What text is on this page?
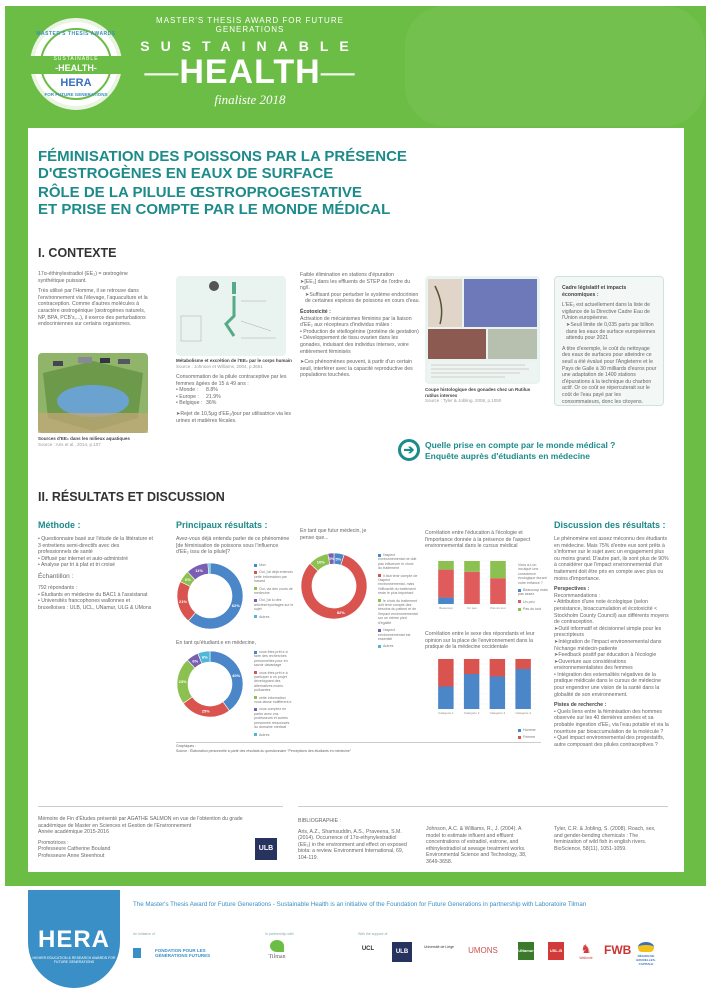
MASTER'S THESIS AWARDS
SUSTAINABLE
-HEALTH-
HERA
FOR FUTURE GENERATIONS
MASTER'S THESIS AWARD FOR FUTURE GENERATIONS
SUSTAINABLE
—HEALTH—
finaliste 2018
FÉMINISATION DES POISSONS PAR LA PRÉSENCE
D'ŒSTROGÈNES EN EAUX DE SURFACE
RÔLE DE LA PILULE ŒSTROPROGESTATIVE
ET PRISE EN COMPTE PAR LE MONDE MÉDICAL
I. CONTEXTE

17α-éthinylestradiol (EE₂) = œstrogène synthétique puissant.

Très utilisé par l'Homme, il se retrouve dans l'environnement via l'élevage, l'aquaculture et la contraception. Comme d'autres molécules à caractère œstrogénique (œstrogènes naturels, NP, BPA, PCB's,...), il exerce des perturbations endocriniennes sur certains organismes.

Sources d'EE₂ dans les milieux aquatiques
Source : Aris et al., 2014, p.107
Métabolisme et excrétion de l'EE₂ par le corps humain
Source : Johnson et Williams, 2004, p.3651

Consommation de la pilule contraceptive par les femmes âgées de 15 à 49 ans :

• Monde : 8.8%
• Europe : 21.9%
• Belgique : 36%

➤Rejet de 10,5μg d'EE₂/jour par utilisatrice via les urines et matières fécales.

Faible élimination en stations d'épuration

➤[EE₂] dans les effluents de STEP de l'ordre du ng/l.

➤Suffisant pour perturber le système endocrinien de certaines espèces de poissons en cours d'eau.

Écotoxicité :

Activation de mécanismes féminins par la liaison d'EE₂ aux récepteurs d'individus mâles :

• Production de vitellogénine (protéine de gestation)

• Développement de tissu ovarien dans les gonades, induisant des individus intersex, voire entièrement féminisés

➤Ces phénomènes peuvent, à partir d'un certain seuil, interférer avec la capacité reproductive des populations touchées.

Coupe histologique des gonades chez un Rutilus rutilus intersex
Source : Tyler & Jobling, 2008, p.1050

Cadre législatif et impacts économiques :

L'EE₂ est actuellement dans la liste de vigilance de la Directive Cadre Eau de l'Union européenne.

➤Seuil limite de 0,035 parts par billion dans les eaux de surface européennes attendu pour 2021

A titre d'exemple, le coût du nettoyage des eaux de surfaces pour atteindre ce seuil a été évalué pour l'Angleterre et le Pays de Galle à 30 milliards d'euros pour une adaptation de 1400 stations d'épurations à la technique du charbon actif. Or ce coût se répercuterait sur le coût de l'eau payé par les consommateurs, donc les citoyens.

➔	Quelle prise en compte par le monde médical ?
Enquête auprès d'étudiants en médecine
II. RÉSULTATS ET DISCUSSION
Méthode :
• Questionnaire basé sur l'étude de la littérature et 3 entretiens semi-directifs avec des professionnels de santé
• Diffusé par internet et auto-administré
• Analyse par tri à plat et tri croisé

Échantillon :

792 répondants :

• Étudiants en médecine du BAC1 à l'assistanat
• Universités francophones wallonnes et bruxelloises : ULB, UCL, UNamur, ULG & UMons
Principaux résultats :
Avez-vous déjà entendu parler de ce phénomène [de féminisation de poissons sous l'influence d'EE₂ issu de la pilule]?
62%
21%
6%
11%
Non
Oui, j'ai déjà entendu cette information par hasard
Oui, via des cours de médecine
Oui, j'ai lu des articles/reportages sur le sujet
Autres
En tant qu'étudiant.e en médecine,
40%
25%
23%
6%
6%
vous êtes prêt.e à faire des recherches personnelles pour en savoir davantage
vous êtes prêt.e à participer à un projet développant des alternatives moins polluantes
cette information vous laisse indifférent.e
vous comptez en parler avec vos professeurs et autres personnes ressources du domaine médical
Autres
En tant que futur médecin, je pense que...
5%
82%
10%
3%
l'aspect environnemental ne doit pas influencer le choix du traitement
il faut tenir compte de l'aspect environnemental, mais l'efficacité du traitement reste le plus important
le choix du traitement doit tenir compte des besoins du patient et de l'impact environnemental sur un même pied d'égalité
l'aspect environnemental est essentiel
Autres
Corrélation entre l'éducation à l'écologie et l'importance donnée à la présence de l'aspect environnemental dans le cursus médical
Beaucoup	Un peu	Pas du tout
Vous a-t-on inculqué une conscience écologique durant votre enfance ?
Beaucoup mais pas assez
Un peu
Pas du tout
Corrélation entre le sexe des répondants et leur opinion sur la place de l'environnement dans la pratique de la médecine occidentale
Catégorie 1	Catégorie 2	Catégorie 3	Catégorie 4
Homme
Femme
Graphiques :
Source : Élaboration personnelle à partir des résultats du questionnaire "Perceptions des étudiants en médecine"
Discussion des résultats :

Le phénomène est assez méconnu des étudiants en médecine. Mais 75% d'entre eux sont prêts à s'informer sur le sujet avec un engagement plus ou moins grand. D'autre part, ils sont plus de 90% à considérer que l'impact environnemental d'un traitement doit être pris en compte avec plus ou moins d'importance.

Perspectives :

Recommandations :

• Attribution d'une note écologique (selon persistance, bioaccumulation et écotoxicité < Stockholm County Council) aux différents moyens de contraception.
➤Outil informatif et décisionnel simple pour les prescripteurs
➤Intégration de l'impact environnemental dans l'échange médecin-patiente
➤Feedback positif par éducation à l'écologie
➤Ouverture aux considérations environnementalistes des femmes
• Intégration des externalités négatives de la pratique médicale dans le cursus de médecine pour engendrer une vision de la santé dans la globalité de son environnement.

Pistes de recherche :

• Quels liens entre la féminisation des hommes observée sur les 40 dernières années et sa probable ingestion d'EE₂ via l'eau potable et via la nourriture par bioaccumulation de la molécule ?
• Quel impact environnemental des progestatifs, autre composant des pilules contraceptives ?

Mémoire de Fin d'Études présenté par AGATHE SALMON en vue de l'obtention du grade académique de Master en Sciences et Gestion de l'Environnement

Année académique 2015-2016

Promotrices :

Professeure Catherine Bouland

Professeure Anne Steenhout

ULB

BIBLIOGRAPHIE :

Aris, A.Z., Shamsuddin, A.S., Praveena, S.M. (2014). Occurrence of 17α-ethynylestradiol (EE₂) in the environment and effect on exposed biota: a review. Environment International, 69, 104-119.

Johnson, A.C. & Williams, R., J. (2004). A model to estimate influent and effluent concentrations of estradiol, estrone, and ethinylestradiol at sewage treatment works. Environmental Science and Technology, 38, 3649-3658.
Tyler, C.R. & Jobling, S. (2008). Roach, sex, and gender-bending chemicals : The feminization of wild fish in english rivers. BioScience, 58(11), 1051-1059.
HERA
HIGHER EDUCATION & RESEARCH AWARDS FOR FUTURE GENERATIONS
The Master's Thesis Award for Future Generations - Sustainable Health is an initiative of the Foundation for Future Generations in partnership with Laboratoire Tilman
An initiative of	In partnership with	With the support of
FONDATION POUR LES GÉNÉRATIONS FUTURES	Tilman
UCL	ULB
Université de Liège	UMONS	UNamur	USL-B	♞
Wallonie
FWB	RÉGION DE BRUXELLES-CAPITALE
